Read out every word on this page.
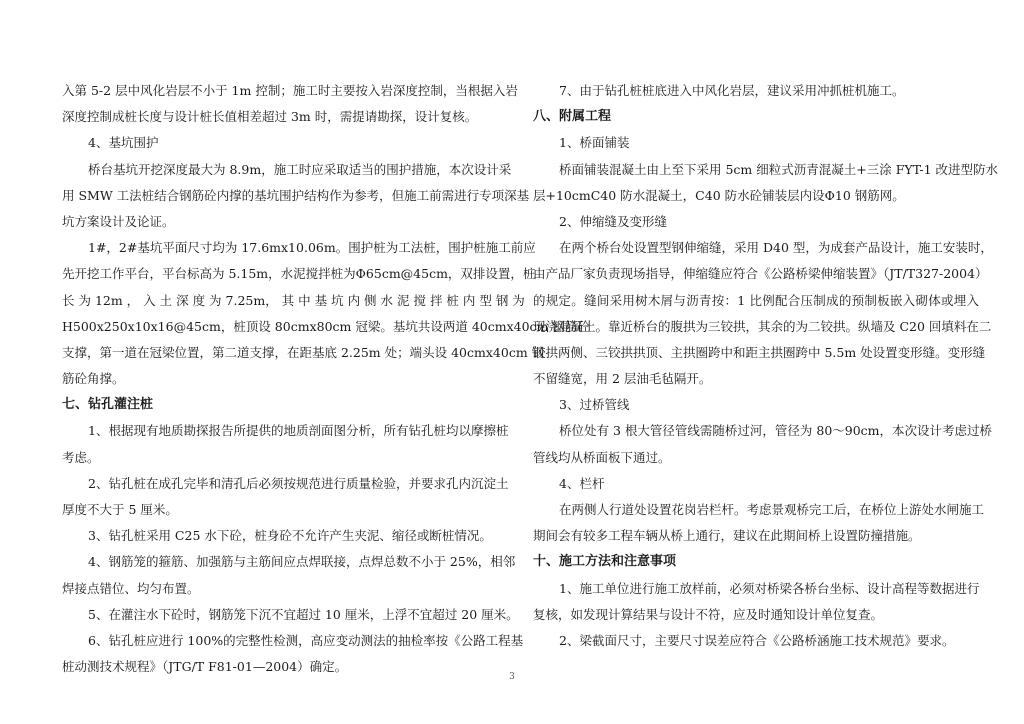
入第 5-2 层中风化岩层不小于 1m 控制；施工时主要按入岩深度控制，当根据入岩
深度控制成桩长度与设计桩长值相差超过 3m 时，需提请勘探，设计复核。
4、基坑围护
桥台基坑开挖深度最大为 8.9m，施工时应采取适当的围护措施，本次设计采
用 SMW 工法桩结合钢筋砼内撑的基坑围护结构作为参考，但施工前需进行专项深基
坑方案设计及论证。
1#，2#基坑平面尺寸均为 17.6mx10.06m。围护桩为工法桩，围护桩施工前应
先开挖工作平台，平台标高为 5.15m，水泥搅拌桩为Φ65cm@45cm，双排设置，桩
长 为 12m ， 入 土 深 度 为 7.25m， 其 中 基 坑 内 侧 水 泥 搅 拌 桩 内 型 钢 为
H500x250x10x16@45cm，桩顶设 80cmx80cm 冠梁。基坑共设两道 40cmx40cm 钢筋砼
支撑，第一道在冠梁位置，第二道支撑，在距基底 2.25m 处；端头设 40cmx40cm 钢
筋砼角撑。
七、钻孔灌注桩
1、根据现有地质勘探报告所提供的地质剖面图分析，所有钻孔桩均以摩擦桩
考虑。
2、钻孔桩在成孔完毕和清孔后必须按规范进行质量检验，并要求孔内沉淀土
厚度不大于 5 厘米。
3、钻孔桩采用 C25 水下砼，桩身砼不允许产生夹泥、缩径或断桩情况。
4、钢筋笼的箍筋、加强筋与主筋间应点焊联接，点焊总数不小于 25%，相邻
焊接点错位、均匀布置。
5、在灌注水下砼时，钢筋笼下沉不宜超过 10 厘米，上浮不宜超过 20 厘米。
6、钻孔桩应进行 100%的完整性检测，高应变动测法的抽检率按《公路工程基
桩动测技术规程》（JTG/T F81-01—2004）确定。
7、由于钻孔桩桩底进入中风化岩层，建议采用冲抓桩机施工。
八、附属工程
1、桥面铺装
桥面铺装混凝土由上至下采用 5cm 细粒式沥青混凝土+三涂 FYT-1 改进型防水
层+10cmC40 防水混凝土，C40 防水砼铺装层内设Φ10 钢筋网。
2、伸缩缝及变形缝
在两个桥台处设置型钢伸缩缝，采用 D40 型，为成套产品设计，施工安装时，
由产品厂家负责现场指导，伸缩缝应符合《公路桥梁伸缩装置》（JT/T327-2004）
的规定。缝间采用树木屑与沥青按：1 比例配合压制成的预制板嵌入砌体或埋入
现浇混凝土。靠近桥台的腹拱为三铰拱，其余的为二铰拱。纵墙及 C20 回填料在二
铰拱两侧、三铰拱拱顶、主拱圈跨中和距主拱圈跨中 5.5m 处设置变形缝。变形缝
不留缝宽，用 2 层油毛毡隔开。
3、过桥管线
桥位处有 3 根大管径管线需随桥过河，管径为 80～90cm，本次设计考虑过桥
管线均从桥面板下通过。
4、栏杆
在两侧人行道处设置花岗岩栏杆。考虑景观桥完工后，在桥位上游处水闸施工
期间会有较多工程车辆从桥上通行，建议在此期间桥上设置防撞措施。
十、施工方法和注意事项
1、施工单位进行施工放样前，必须对桥梁各桥台坐标、设计高程等数据进行
复核，如发现计算结果与设计不符，应及时通知设计单位复查。
2、梁截面尺寸，主要尺寸误差应符合《公路桥涵施工技术规范》要求。
3
